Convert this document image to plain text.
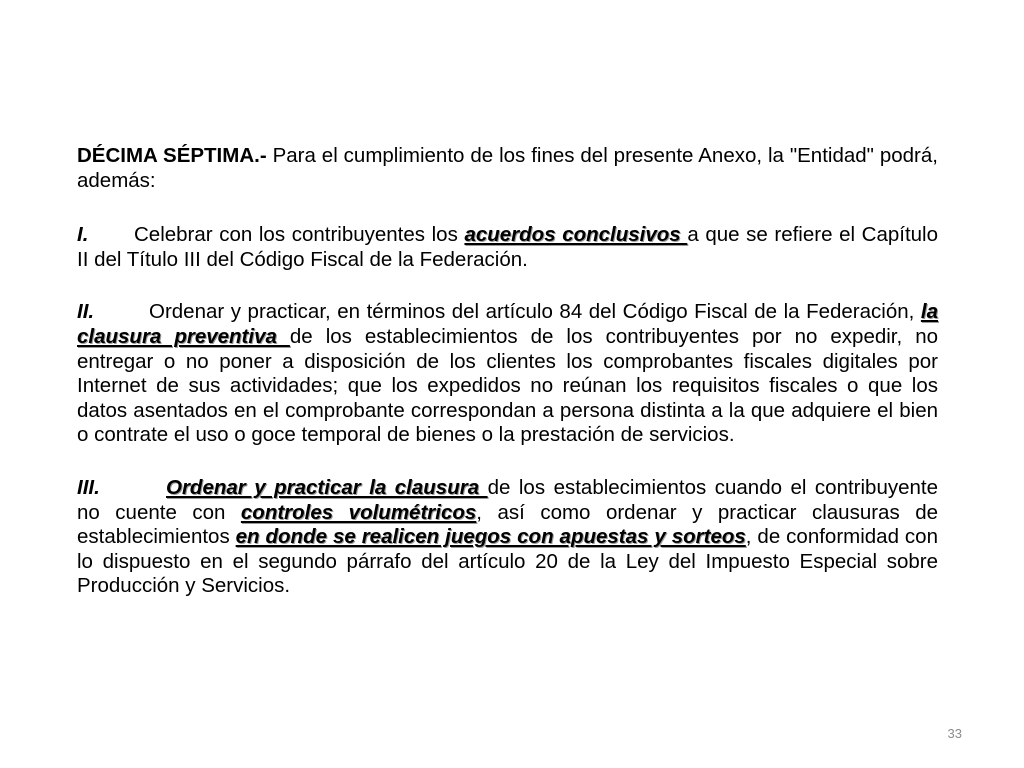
DÉCIMA SÉPTIMA.- Para el cumplimiento de los fines del presente Anexo, la "Entidad" podrá, además:

I. Celebrar con los contribuyentes los acuerdos conclusivos a que se refiere el Capítulo II del Título III del Código Fiscal de la Federación.

II.	Ordenar y practicar, en términos del artículo 84 del Código Fiscal de la Federación, la clausura preventiva de los establecimientos de los contribuyentes por no expedir, no entregar o no poner a disposición de los clientes los comprobantes fiscales digitales por Internet de sus actividades; que los expedidos no reúnan los requisitos fiscales o que los datos asentados en el comprobante correspondan a persona distinta a la que adquiere el bien o contrate el uso o goce temporal de bienes o la prestación de servicios.

III.	Ordenar y practicar la clausura de los establecimientos cuando el contribuyente no cuente con controles volumétricos, así como ordenar y practicar clausuras de establecimientos en donde se realicen juegos con apuestas y sorteos, de conformidad con lo dispuesto en el segundo párrafo del artículo 20 de la Ley del Impuesto Especial sobre Producción y Servicios.

33
